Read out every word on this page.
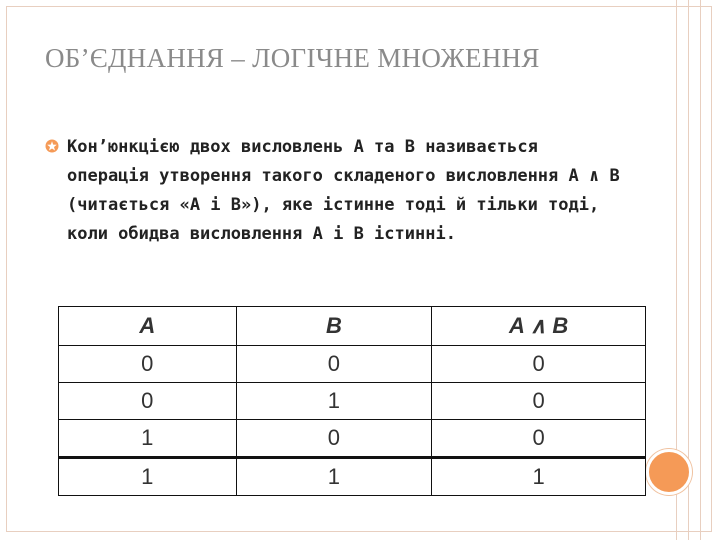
ОБ’ЄДНАННЯ – ЛОГІЧНЕ МНОЖЕННЯ

Кон’юнкцією двох висловлень А та В називається операція утворення такого складеного висловлення А ∧ В (читається «А і В»), яке істинне тоді й тільки тоді, коли обидва висловлення А і В істинні.

A	B	A ∧ B
0	0	0
0	1	0
1	0	0
1	1	1
